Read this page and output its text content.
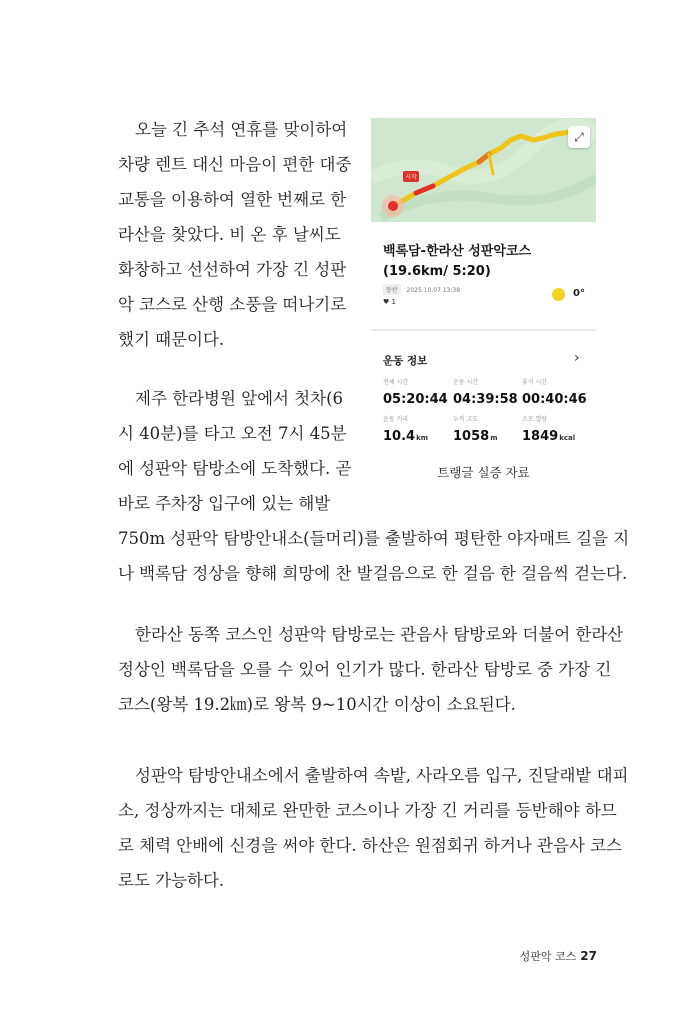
오늘 긴 추석 연휴를 맞이하여
차량 렌트 대신 마음이 편한 대중
교통을 이용하여 열한 번째로 한
라산을 찾았다. 비 온 후 날씨도
화창하고 선선하여 가장 긴 성판
악 코스로 산행 소풍을 떠나기로
했기 때문이다.

제주 한라병원 앞에서 첫차(6
시 40분)를 타고 오전 7시 45분
에 성판악 탐방소에 도착했다. 곧
바로 주차장 입구에 있는 해발

750m 성판악 탐방안내소(들머리)를 출발하여 평탄한 야자매트 길을 지
나 백록담 정상을 향해 희망에 찬 발걸음으로 한 걸음 한 걸음씩 걷는다.

한라산 동쪽 코스인 성판악 탐방로는 관음사 탐방로와 더불어 한라산
정상인 백록담을 오를 수 있어 인기가 많다. 한라산 탐방로 중 가장 긴
코스(왕복 19.2㎞)로 왕복 9~10시간 이상이 소요된다.

성판악 탐방안내소에서 출발하여 속밭, 사라오름 입구, 진달래밭 대피
소, 정상까지는 대체로 완만한 코스이나 가장 긴 거리를 등반해야 하므
로 체력 안배에 신경을 써야 한다. 하산은 원점회귀 하거나 관음사 코스
로도 가능하다.

시작
⤢
백록담-한라산 성판악코스(19.6km/ 5:20)
등산 2025.10.07 13:38
♥ 1
0°
운동 정보	›
전체 시간
05:20:44
운동 시간
04:39:58
휴식 시간
00:40:46
운동 거리
10.4km
누적 고도
1058m
소모 열량
1849kcal
트랭글 실증 자료
성판악 코스 27
